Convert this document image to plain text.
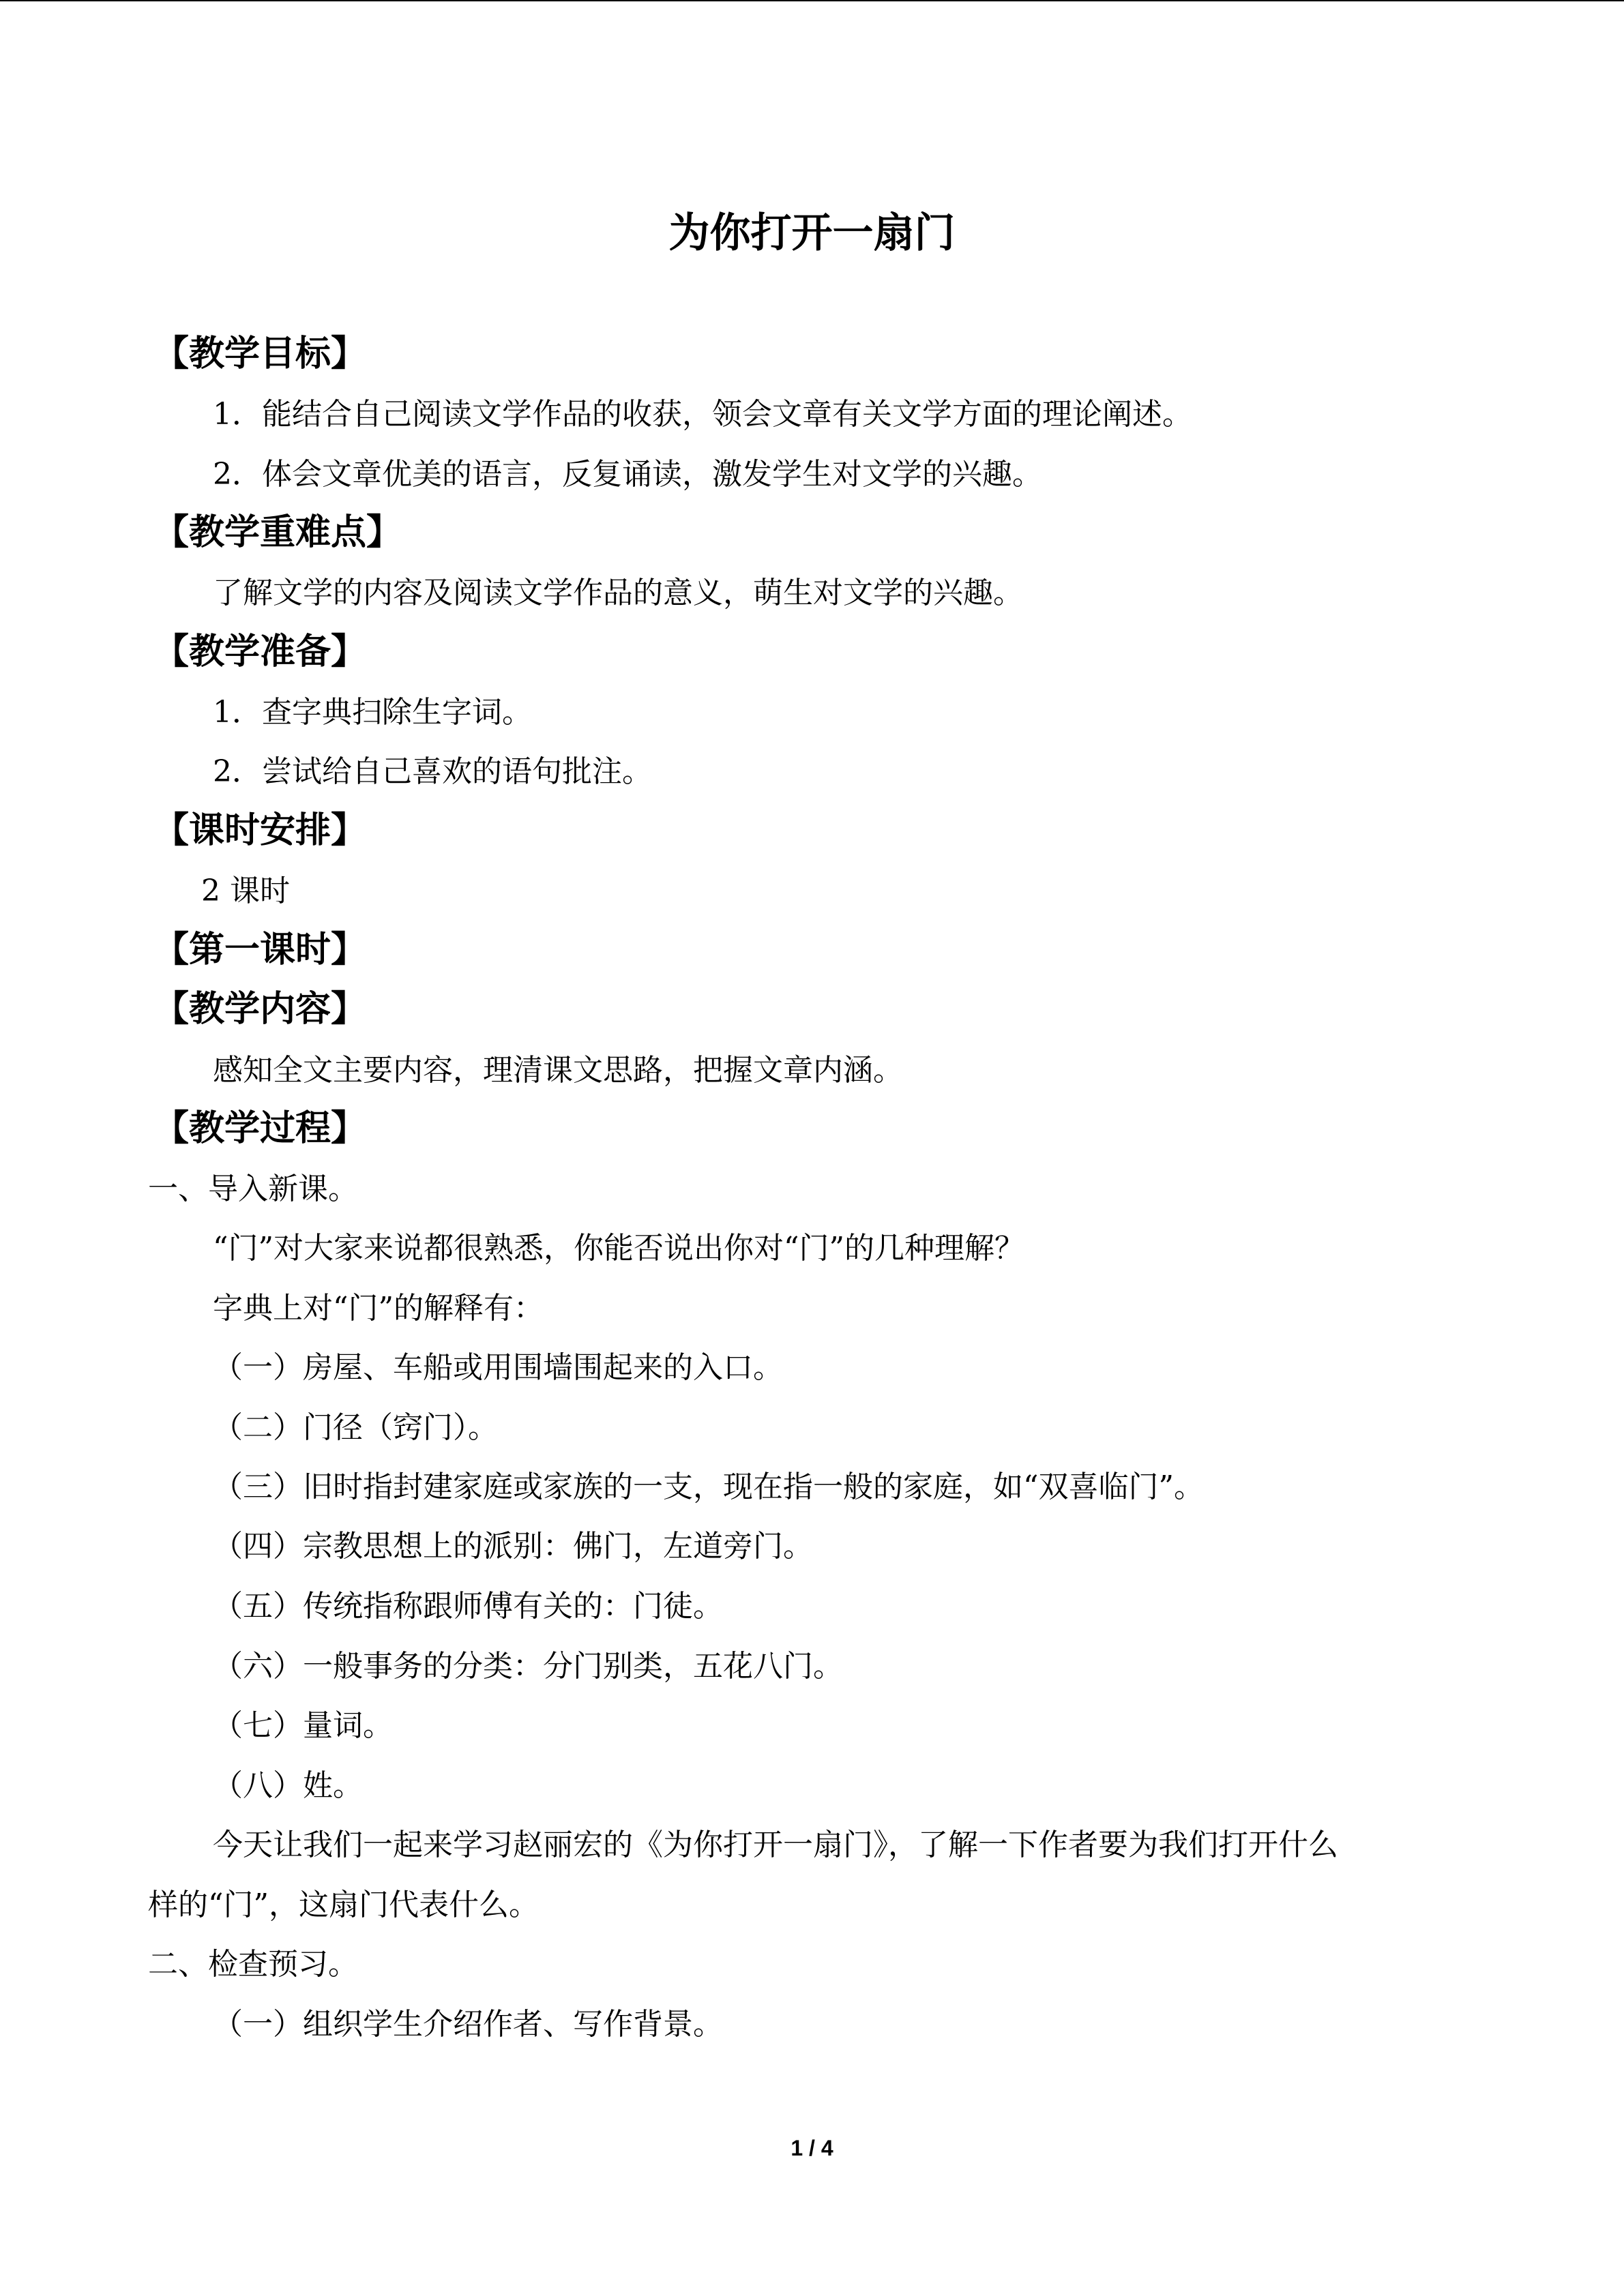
为你打开一扇门
【教学目标】
1．能结合自己阅读文学作品的收获，领会文章有关文学方面的理论阐述。
2．体会文章优美的语言，反复诵读，激发学生对文学的兴趣。
【教学重难点】
了解文学的内容及阅读文学作品的意义，萌生对文学的兴趣。
【教学准备】
1．查字典扫除生字词。
2．尝试给自己喜欢的语句批注。
【课时安排】
2 课时
【第一课时】
【教学内容】
感知全文主要内容，理清课文思路，把握文章内涵。
【教学过程】
一、导入新课。
“门”对大家来说都很熟悉，你能否说出你对“门”的几种理解？
字典上对“门”的解释有：
（一）房屋、车船或用围墙围起来的入口。
（二）门径（窍门）。
（三）旧时指封建家庭或家族的一支，现在指一般的家庭，如“双喜临门”。
（四）宗教思想上的派别：佛门，左道旁门。
（五）传统指称跟师傅有关的：门徒。
（六）一般事务的分类：分门别类，五花八门。
（七）量词。
（八）姓。
今天让我们一起来学习赵丽宏的《为你打开一扇门》，了解一下作者要为我们打开什么
样的“门”，这扇门代表什么。
二、检查预习。
（一）组织学生介绍作者、写作背景。
1 / 4
